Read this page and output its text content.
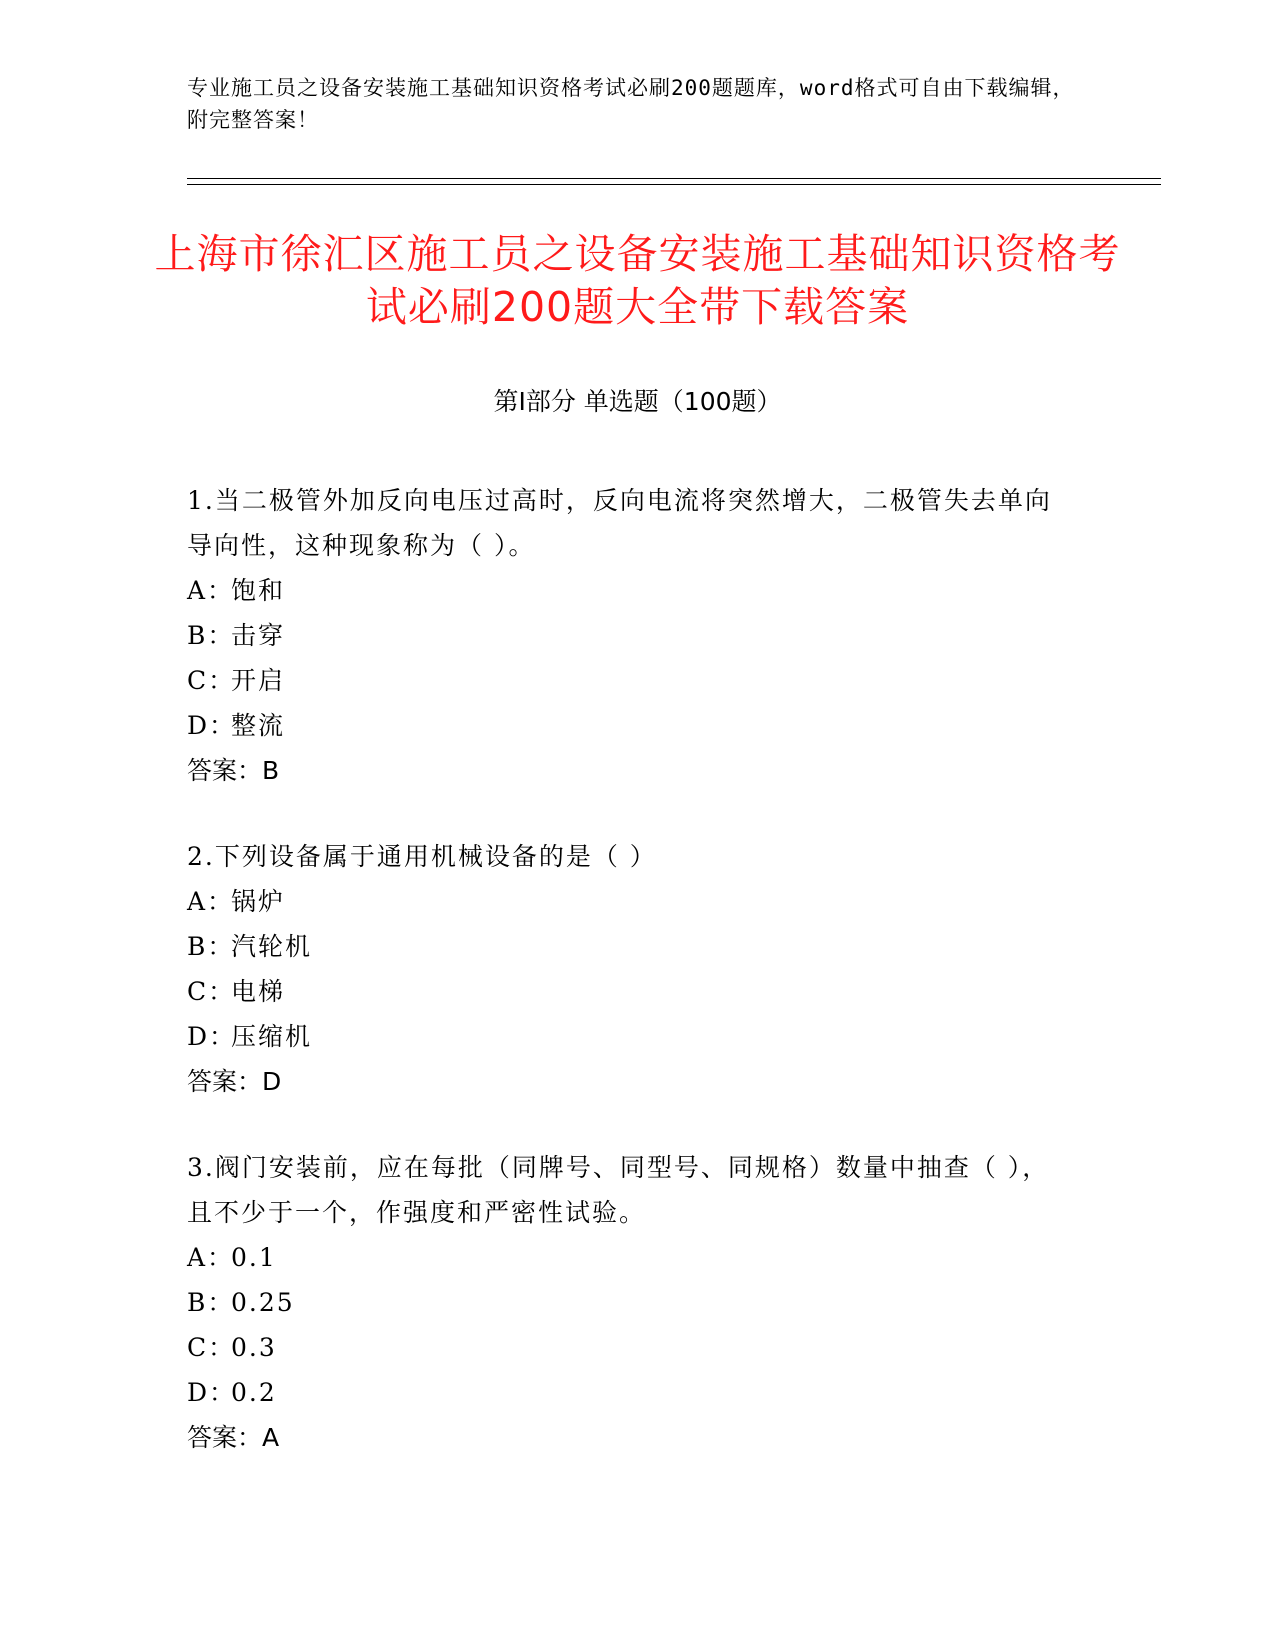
专业施工员之设备安装施工基础知识资格考试必刷200题题库，word格式可自由下载编辑，附完整答案！
上海市徐汇区施工员之设备安装施工基础知识资格考试必刷200题大全带下载答案
第Ⅰ部分 单选题（100题）

1.当二极管外加反向电压过高时，反向电流将突然增大，二极管失去单向导向性，这种现象称为（ ）。

A：饱和

B：击穿

C：开启

D：整流

答案：B

2.下列设备属于通用机械设备的是（ ）

A：锅炉

B：汽轮机

C：电梯

D：压缩机

答案：D

3.阀门安装前，应在每批（同牌号、同型号、同规格）数量中抽查（ ），且不少于一个，作强度和严密性试验。

A：0.1

B：0.25

C：0.3

D：0.2

答案：A
